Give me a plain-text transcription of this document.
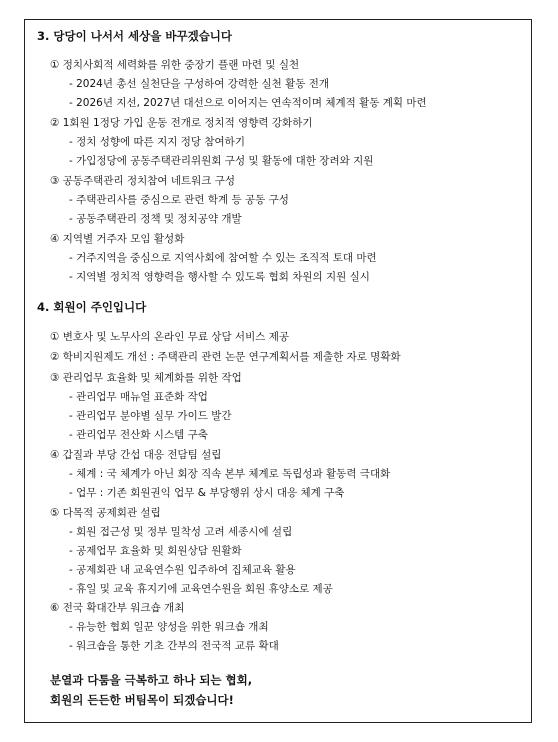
3. 당당이 나서서 세상을 바꾸겠습니다
① 정치사회적 세력화를 위한 중장기 플랜 마련 및 실천
- 2024년 총선 실천단을 구성하여 강력한 실천 활동 전개
- 2026년 지선, 2027년 대선으로 이어지는 연속적이며 체계적 활동 계획 마련
② 1회원 1정당 가입 운동 전개로 정치적 영향력 강화하기
- 정치 성향에 따른 지지 정당 참여하기
- 가입정당에 공동주택관리위원회 구성 및 활동에 대한 장려와 지원
③ 공동주택관리 정치참여 네트워크 구성
- 주택관리사를 중심으로 관련 학계 등 공동 구성
- 공동주택관리 정책 및 정치공약 개발
④ 지역별 거주자 모임 활성화
- 거주지역을 중심으로 지역사회에 참여할 수 있는 조직적 토대 마련
- 지역별 정치적 영향력을 행사할 수 있도록 협회 차원의 지원 실시
4. 회원이 주인입니다
① 변호사 및 노무사의 온라인 무료 상담 서비스 제공
② 학비지원제도 개선 : 주택관리 관련 논문 연구계획서를 제출한 자로 명확화
③ 관리업무 효율화 및 체계화를 위한 작업
- 관리업무 매뉴얼 표준화 작업
- 관리업무 분야별 실무 가이드 발간
- 관리업무 전산화 시스템 구축
④ 갑질과 부당 간섭 대응 전담팀 설립
- 체계 : 국 체계가 아닌 회장 직속 본부 체계로 독립성과 활동력 극대화
- 업무 : 기존 회원권익 업무 & 부당행위 상시 대응 체계 구축
⑤ 다목적 공제회관 설립
- 회원 접근성 및 정부 밀착성 고려 세종시에 설립
- 공제업무 효율화 및 회원상담 원활화
- 공제회관 내 교육연수원 입주하여 집체교육 활용
- 휴일 및 교육 휴지기에 교육연수원을 회원 휴양소로 제공
⑥ 전국 확대간부 워크숍 개최
- 유능한 협회 일꾼 양성을 위한 워크숍 개최
- 워크숍을 통한 기초 간부의 전국적 교류 확대
분열과 다툼을 극복하고 하나 되는 협회,
회원의 든든한 버팀목이 되겠습니다!
